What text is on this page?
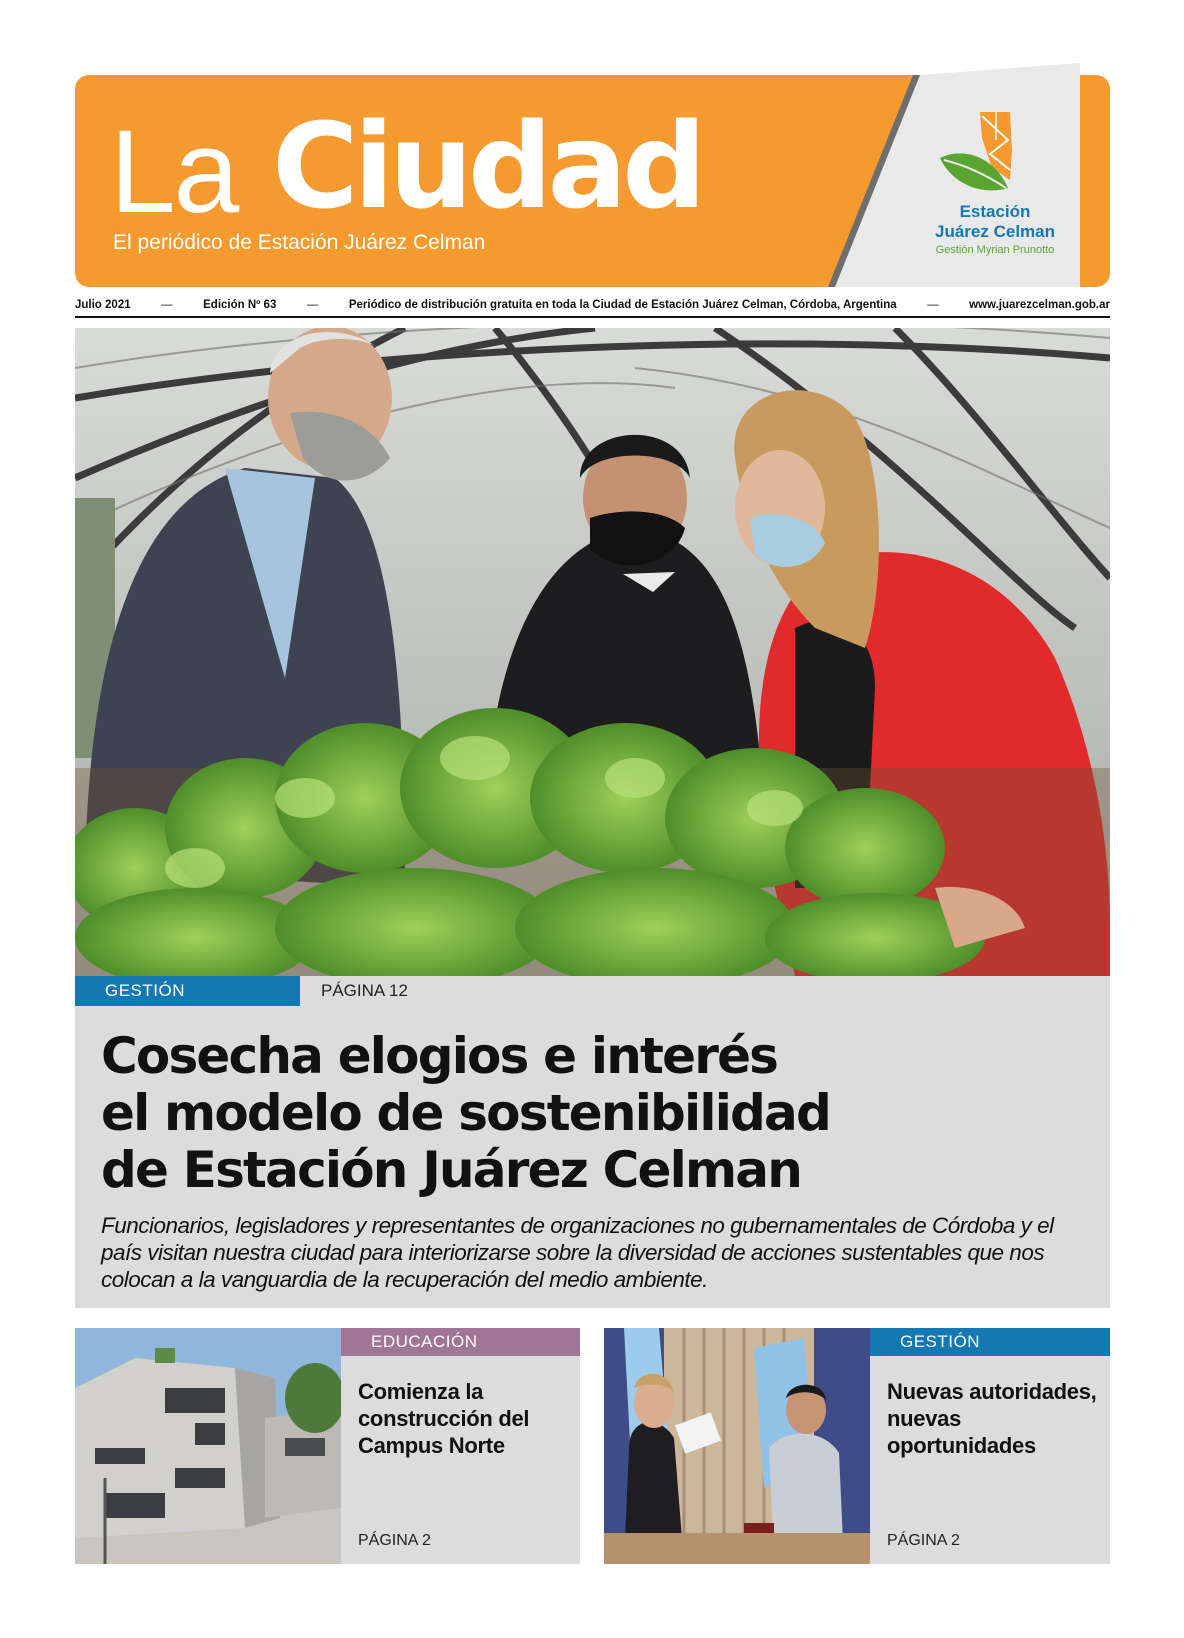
La Ciudad
El periódico de Estación Juárez Celman
Estación
Juárez Celman
Gestión Myrian Prunotto
Julio 2021	—	Edición Nº 63	—	Periódico de distribución gratuita en toda la Ciudad de Estación Juárez Celman, Córdoba, Argentina	—	www.juarezcelman.gob.ar
GESTIÓN	PÁGINA 12
Cosecha elogios e interés
el modelo de sostenibilidad
de Estación Juárez Celman
Funcionarios, legisladores y representantes de organizaciones no gubernamentales de Córdoba y el país visitan nuestra ciudad para interiorizarse sobre la diversidad de acciones sustentables que nos colocan a la vanguardia de la recuperación del medio ambiente.
EDUCACIÓN
Comienza la construcción del Campus Norte
PÁGINA 2
GESTIÓN
Nuevas autoridades, nuevas oportunidades
PÁGINA 2
